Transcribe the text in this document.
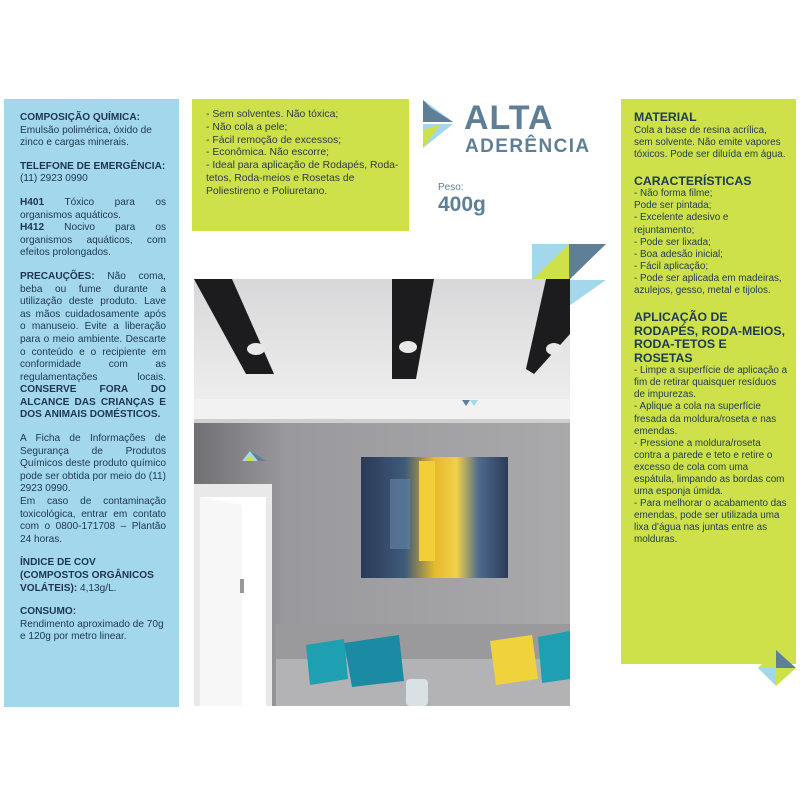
COMPOSIÇÃO QUÍMICA:

Emulsão polimérica, óxido de zinco e cargas minerais.

TELEFONE DE EMERGÊNCIA:

(11) 2923 0990

H401 Tóxico para os organismos aquáticos.

H412 Nocivo para os organismos aquáticos, com efeitos prolongados.

PRECAUÇÕES: Não coma, beba ou fume durante a utilização deste produto. Lave as mãos cuidadosamente após o manuseio. Evite a liberação para o meio ambiente. Descarte o conteúdo e o recipiente em conformidade com as regulamentações locais. CONSERVE FORA DO ALCANCE DAS CRIANÇAS E DOS ANIMAIS DOMÉSTICOS.

A Ficha de Informações de Segurança de Produtos Químicos deste produto químico pode ser obtida por meio do (11) 2923 0990.

Em caso de contaminação toxicológica, entrar em contato com o 0800-171708 – Plantão 24 horas.

ÍNDICE DE COV (COMPOSTOS ORGÂNICOS VOLÁTEIS): 4,13g/L.

CONSUMO:

Rendimento aproximado de 70g e 120g por metro linear.

- Sem solventes. Não tóxica;

- Não cola a pele;

- Fácil remoção de excessos;

- Econômica. Não escorre;

- Ideal para aplicação de Rodapés, Roda-tetos, Roda-meios e Rosetas de Poliestireno e Poliuretano.

ALTA
ADERÊNCIA
Peso:
400g
MATERIAL

Cola a base de resina acrílica, sem solvente. Não emite vapores tóxicos. Pode ser diluída em água.

CARACTERÍSTICAS

- Não forma filme;

Pode ser pintada;

- Excelente adesivo e rejuntamento;

- Pode ser lixada;

- Boa adesão inicial;

- Fácil aplicação;

- Pode ser aplicada em madeiras, azulejos, gesso, metal e tijolos.

APLICAÇÃO DE RODAPÉS, RODA-MEIOS, RODA-TETOS E ROSETAS

- Limpe a superfície de aplicação a fim de retirar quaisquer resíduos de impurezas.

- Aplique a cola na superfície fresada da moldura/roseta e nas emendas.

- Pressione a moldura/roseta contra a parede e teto e retire o excesso de cola com uma espátula, limpando as bordas com uma esponja úmida.

- Para melhorar o acabamento das emendas, pode ser utilizada uma lixa d'água nas juntas entre as molduras.
